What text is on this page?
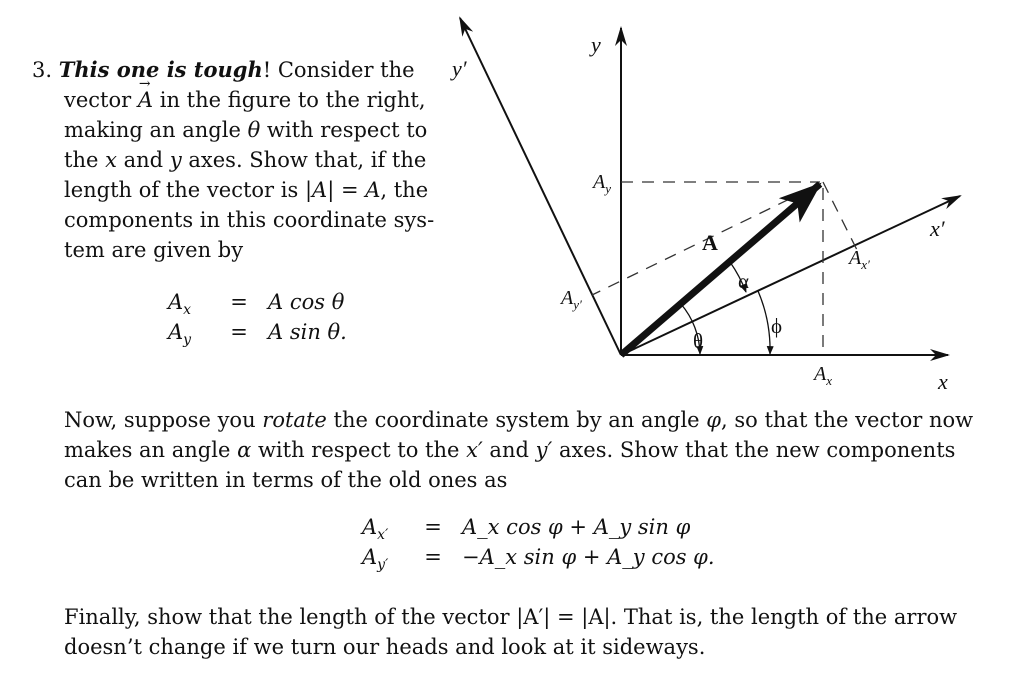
3. This one is tough! Consider the
vector → A in the figure to the right,
making an angle θ with respect to
the x and y axes. Show that, if the
length of the vector is |A| = A, the
components in this coordinate sys-
tem are given by
$A_x = A$ cos θ
$A_y = A$ sin θ.
Now, suppose you rotate the coordinate system by an angle φ, so that the vector now
makes an angle α with respect to the x′ and y′ axes. Show that the new components
can be written in terms of the old ones as
$A_{x'}$ = A_x cos φ + A_y sin φ
$A_{y'}$ = −A_x sin φ + A_y cos φ.
Finally, show that the length of the vector |A′| = |A|. That is, the length of the arrow
doesn’t change if we turn our heads and look at it sideways.
y
y′
x
x′
A
$A_y$
$A_x$
$A_{y'}$
$A_{x'}$
α
θ
ϕ
